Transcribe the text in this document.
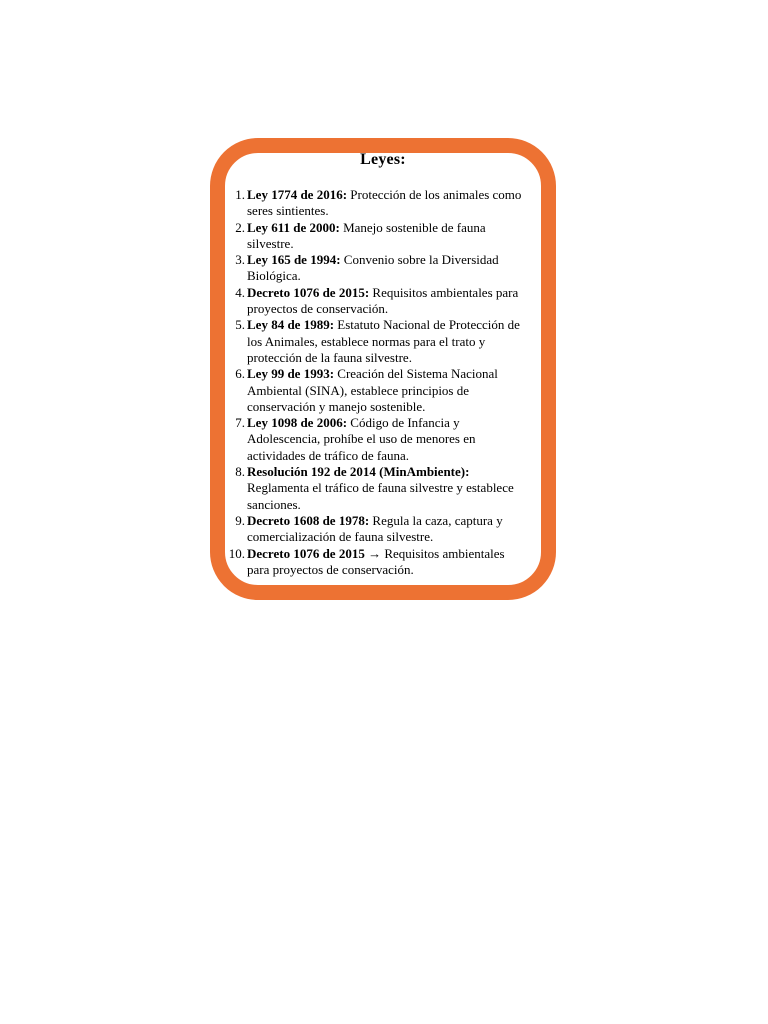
Leyes:
1. Ley 1774 de 2016: Protección de los animales como seres sintientes.
2. Ley 611 de 2000: Manejo sostenible de fauna silvestre.
3. Ley 165 de 1994: Convenio sobre la Diversidad Biológica.
4. Decreto 1076 de 2015: Requisitos ambientales para proyectos de conservación.
5. Ley 84 de 1989: Estatuto Nacional de Protección de los Animales, establece normas para el trato y protección de la fauna silvestre.
6. Ley 99 de 1993: Creación del Sistema Nacional Ambiental (SINA), establece principios de conservación y manejo sostenible.
7. Ley 1098 de 2006: Código de Infancia y Adolescencia, prohíbe el uso de menores en actividades de tráfico de fauna.
8. Resolución 192 de 2014 (MinAmbiente): Reglamenta el tráfico de fauna silvestre y establece sanciones.
9. Decreto 1608 de 1978: Regula la caza, captura y comercialización de fauna silvestre.
10. Decreto 1076 de 2015 → Requisitos ambientales para proyectos de conservación.
